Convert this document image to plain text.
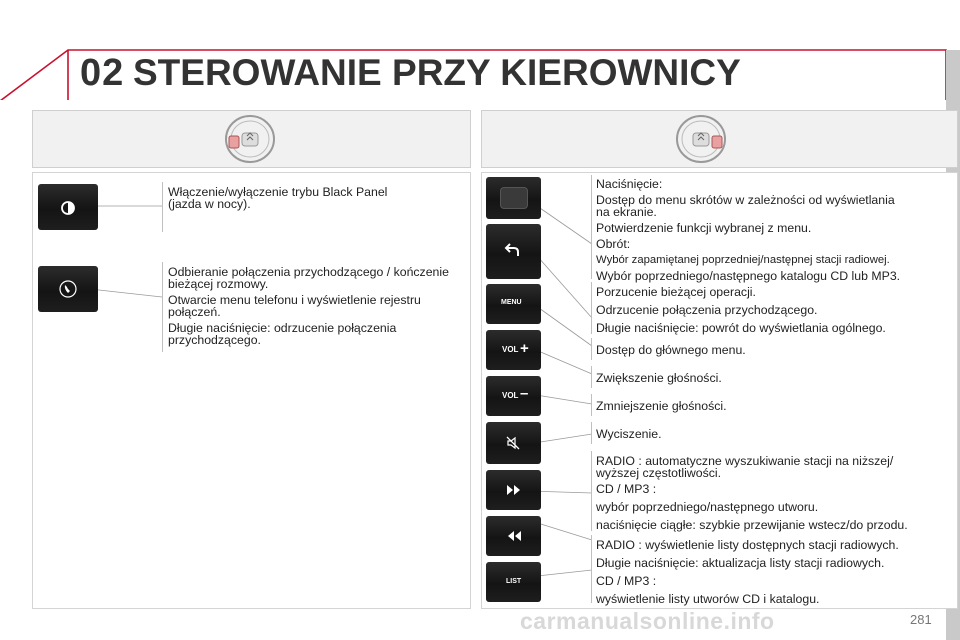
02 STEROWANIE PRZY KIEROWNICY

Włączenie/wyłączenie trybu Black Panel
(jazda w nocy).

Odbieranie połączenia przychodzącego / kończenie
bieżącej rozmowy.

Otwarcie menu telefonu i wyświetlenie rejestru
połączeń.

Długie naciśnięcie: odrzucenie połączenia
przychodzącego.

MENU
VOL +
VOL –
LIST

Naciśnięcie:

Dostęp do menu skrótów w zależności od wyświetlania
na ekranie.

Potwierdzenie funkcji wybranej z menu.

Obrót:

Wybór zapamiętanej poprzedniej/następnej stacji radiowej.

Wybór poprzedniego/następnego katalogu CD lub MP3.

Porzucenie bieżącej operacji.

Odrzucenie połączenia przychodzącego.

Długie naciśnięcie: powrót do wyświetlania ogólnego.

Dostęp do głównego menu.
Zwiększenie głośności.
Zmniejszenie głośności.
Wyciszenie.

RADIO : automatyczne wyszukiwanie stacji na niższej/
wyższej częstotliwości.

CD / MP3 :

wybór poprzedniego/następnego utworu.

naciśnięcie ciągłe: szybkie przewijanie wstecz/do przodu.

RADIO : wyświetlenie listy dostępnych stacji radiowych.

Długie naciśnięcie: aktualizacja listy stacji radiowych.

CD / MP3 :

wyświetlenie listy utworów CD i katalogu.

carmanualsonline.info	281
